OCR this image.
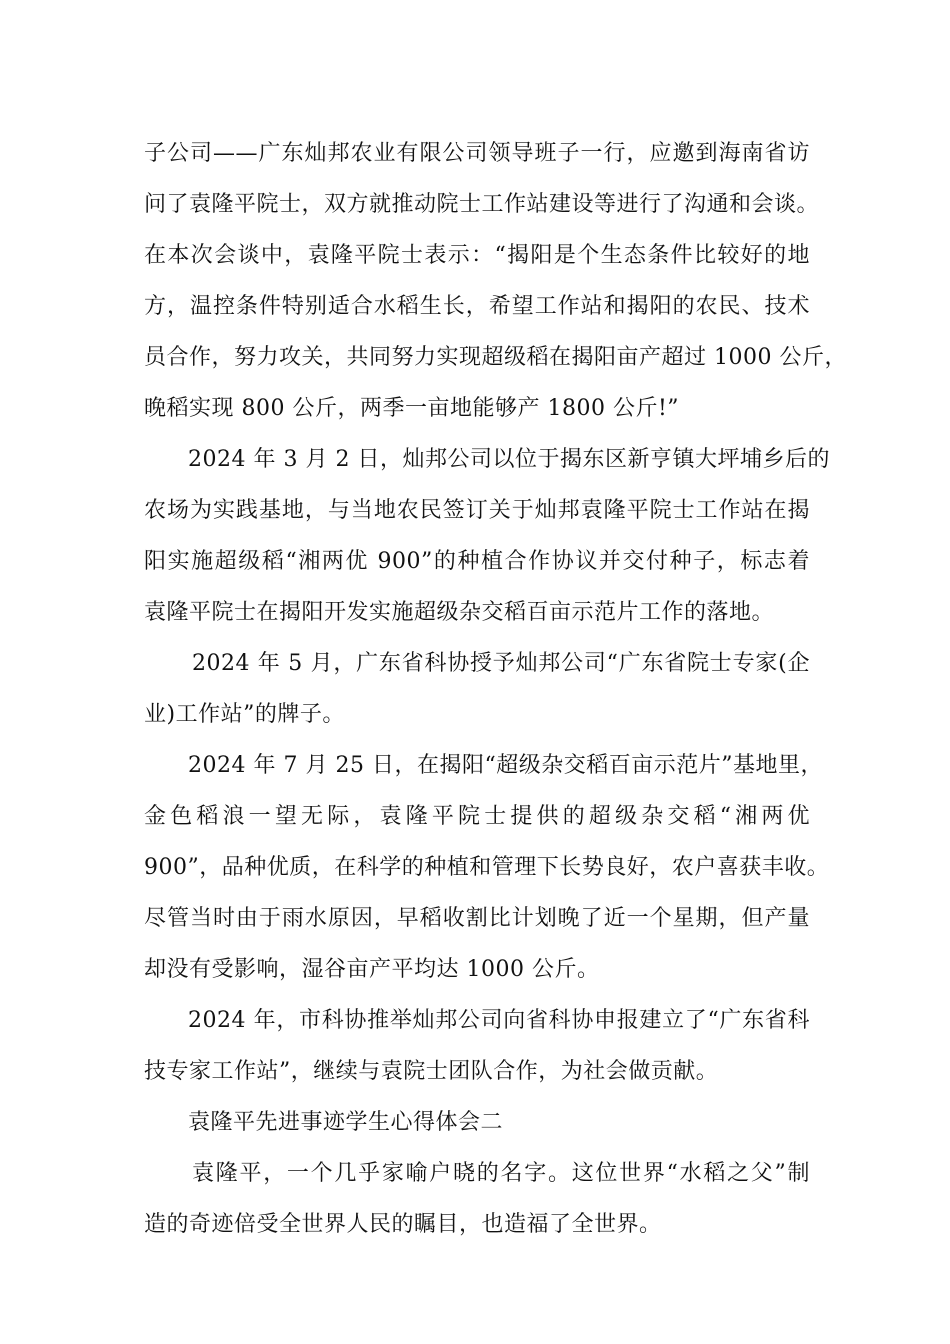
子公司——广东灿邦农业有限公司领导班子一行，应邀到海南省访
问了袁隆平院士，双方就推动院士工作站建设等进行了沟通和会谈。
在本次会谈中，袁隆平院士表示：“揭阳是个生态条件比较好的地
方，温控条件特别适合水稻生长，希望工作站和揭阳的农民、技术
员合作，努力攻关，共同努力实现超级稻在揭阳亩产超过 1000 公斤，
晚稻实现 800 公斤，两季一亩地能够产 1800 公斤!”
2024 年 3 月 2 日，灿邦公司以位于揭东区新亨镇大坪埔乡后的
农场为实践基地，与当地农民签订关于灿邦袁隆平院士工作站在揭
阳实施超级稻“湘两优 900”的种植合作协议并交付种子，标志着
袁隆平院士在揭阳开发实施超级杂交稻百亩示范片工作的落地。
2024 年 5 月，广东省科协授予灿邦公司“广东省院士专家(企
业)工作站”的牌子。
2024 年 7 月 25 日，在揭阳“超级杂交稻百亩示范片”基地里，
金色稻浪一望无际，袁隆平院士提供的超级杂交稻“湘两优
900”，品种优质，在科学的种植和管理下长势良好，农户喜获丰收。
尽管当时由于雨水原因，早稻收割比计划晚了近一个星期，但产量
却没有受影响，湿谷亩产平均达 1000 公斤。
2024 年，市科协推举灿邦公司向省科协申报建立了“广东省科
技专家工作站”，继续与袁院士团队合作，为社会做贡献。
袁隆平先进事迹学生心得体会二
袁隆平，一个几乎家喻户晓的名字。这位世界“水稻之父”制
造的奇迹倍受全世界人民的瞩目，也造福了全世界。
